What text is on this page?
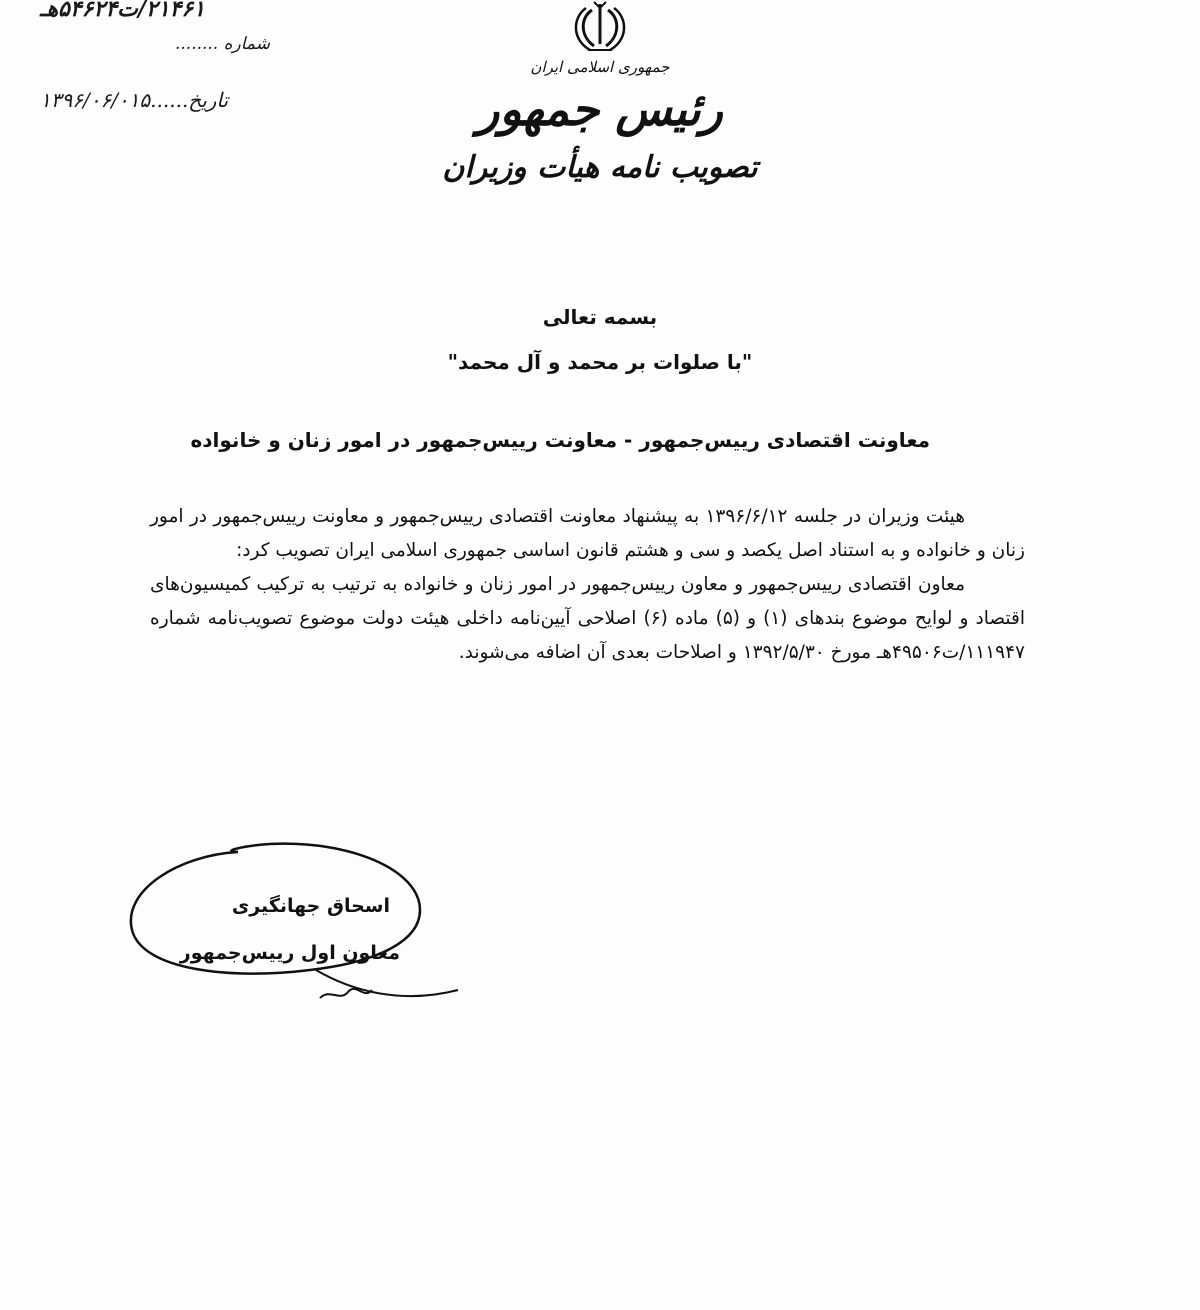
۲۱۴۶۱/ت۵۴۶۲۴هـ
شماره ........
تاریخ......۱۳۹۶/۰۶/۰۱۵
جمهوری اسلامی ایران
رئیس جمهور
تصویب نامه هیأت وزیران
بسمه تعالی
"با صلوات بر محمد و آل محمد"
معاونت اقتصادی رییس‌جمهور - معاونت رییس‌جمهور در امور زنان و خانواده

هیئت وزیران در جلسه ۱۳۹۶/۶/۱۲ به پیشنهاد معاونت اقتصادی رییس‌جمهور و معاونت رییس‌جمهور در امور زنان و خانواده و به استناد اصل یکصد و سی و هشتم قانون اساسی جمهوری اسلامی ایران تصویب کرد:

معاون اقتصادی رییس‌جمهور و معاون رییس‌جمهور در امور زنان و خانواده به ترتیب به ترکیب کمیسیون‌های اقتصاد و لوایح موضوع بندهای (۱) و (۵) ماده (۶) اصلاحی آیین‌نامه داخلی هیئت دولت موضوع تصویب‌نامه شماره ۱۱۱۹۴۷/ت۴۹۵۰۶هـ مورخ ۱۳۹۲/۵/۳۰ و اصلاحات بعدی آن اضافه می‌شوند.

اسحاق جهانگیری
معاون اول رییس‌جمهور
